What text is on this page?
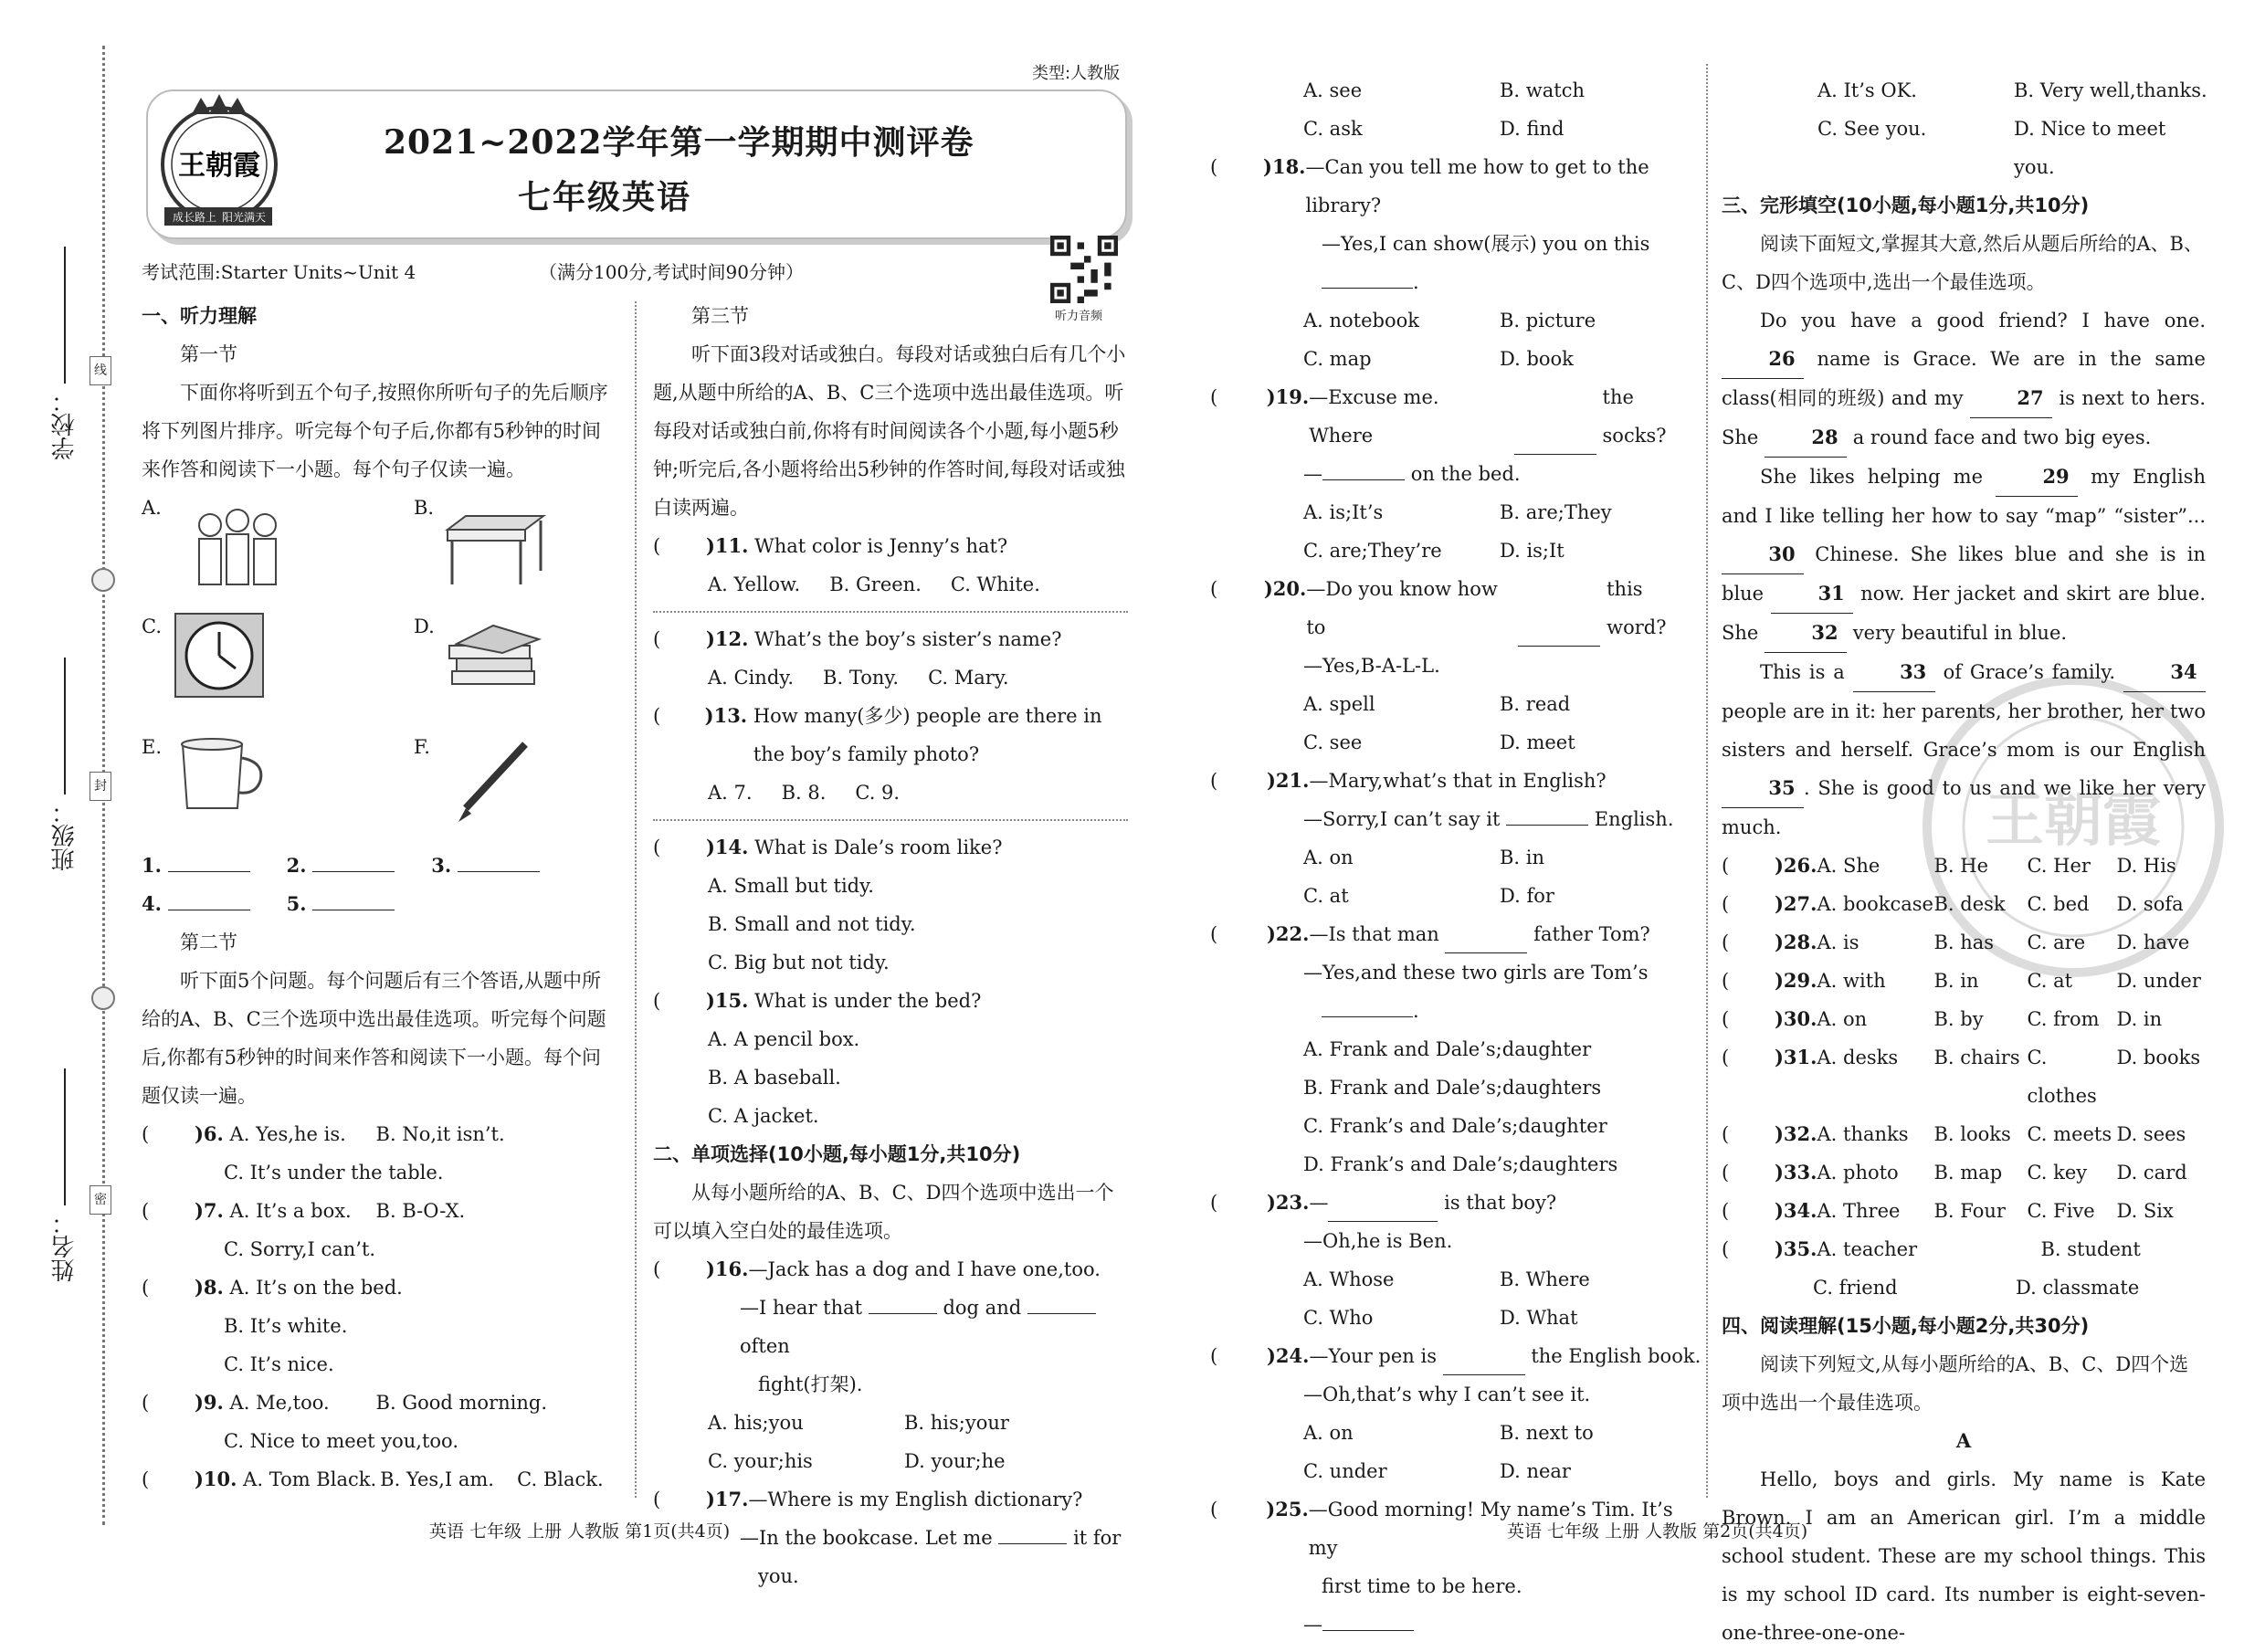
学校：
班级：
姓名：
线
封
密
类型:人教版
王朝霞
成长路上 阳光满天
2021~2022学年第一学期期中测评卷
七年级英语
听力音频
考试范围:Starter Units~Unit 4	（满分100分,考试时间90分钟）

一、听力理解

第一节

下面你将听到五个句子,按照你所听句子的先后顺序将下列图片排序。听完每个句子后,你都有5秒钟的时间来作答和阅读下一小题。每个句子仅读一遍。

A.	B.
C.	D.
E.	F.
1.	2.	3.
4.	5.

第二节

听下面5个问题。每个问题后有三个答语,从题中所给的A、B、C三个选项中选出最佳选项。听完每个问题后,你都有5秒钟的时间来作答和阅读下一小题。每个问题仅读一遍。

(	)6.
A. Yes,he is.	B. No,it isn’t.

C. It’s under the table.

(	)7.
A. It’s a box.	B. B-O-X.

C. Sorry,I can’t.

(	)8.
A. It’s on the bed.

B. It’s white.

C. It’s nice.

(	)9.
A. Me,too.	B. Good morning.

C. Nice to meet you,too.

(	)10.
A. Tom Black. B. Yes,I am.	C. Black.

第三节

听下面3段对话或独白。每段对话或独白后有几个小题,从题中所给的A、B、C三个选项中选出最佳选项。听每段对话或独白前,你将有时间阅读各个小题,每小题5秒钟;听完后,各小题将给出5秒钟的作答时间,每段对话或独白读两遍。

(	)11.
What color is Jenny’s hat?
A. Yellow. B. Green. C. White.
(	)12.
What’s the boy’s sister’s name?
A. Cindy. B. Tony. C. Mary.
(	)13.
How many(多少) people are there in the boy’s family photo?
A. 7. B. 8. C. 9.
(	)14.
What is Dale’s room like?

A. Small but tidy.

B. Small and not tidy.

C. Big but not tidy.

(	)15.
What is under the bed?

A. A pencil box.

B. A baseball.

C. A jacket.

二、单项选择(10小题,每小题1分,共10分)

从每小题所给的A、B、C、D四个选项中选出一个可以填入空白处的最佳选项。

(	)16. —Jack has a dog and I have one,too.

—I hear that	dog and  often

fight(打架).

A. his;you	B. his;your
C. your;his	D. your;he
(	)17. —Where is my English dictionary?

—In the bookcase. Let me	it for

you.

英语 七年级 上册 人教版 第1页(共4页)
A. see	B. watch
C. ask	D. find
(	)18. —Can you tell me how to get to the library?

—Yes,I can show(展示) you on this

.

A. notebook	B. picture
C. map	D. book
(	)19. —Excuse me. Where

the socks?

—	on the bed.

A. is;It’s	B. are;They
C. are;They’re	D. is;It
(	)20. —Do you know how to

this word?

—Yes,B-A-L-L.

A. spell	B. read
C. see	D. meet
(	)21. —Mary,what’s that in English?

—Sorry,I can’t say it	English.

A. on	B. in
C. at	D. for
(	)22. —Is that man

	father Tom?

—Yes,and these two girls are Tom’s

.

A. Frank and Dale’s;daughter

B. Frank and Dale’s;daughters

C. Frank’s and Dale’s;daughter

D. Frank’s and Dale’s;daughters

(	)23. —
	is that boy?

—Oh,he is Ben.

A. Whose	B. Where
C. Who	D. What
(	)24. —Your pen is

	the English book.

—Oh,that’s why I can’t see it.

A. on	B. next to
C. under	D. near
(	)25. —Good morning! My name’s Tim. It’s my

first time to be here.

—

王朝霞
A. It’s OK.	B. Very well,thanks.
C. See you.	D. Nice to meet you.

三、完形填空(10小题,每小题1分,共10分)

阅读下面短文,掌握其大意,然后从题后所给的A、B、C、D四个选项中,选出一个最佳选项。

Do you have a good friend? I have one. 26 name is Grace. We are in the same class(相同的班级) and my	27 is next to hers. She	28 a round face and two big eyes.

She likes helping me	29 my English and I like telling her how to say “map” “sister”... 30 Chinese. She likes blue and she is in blue	31 now. Her jacket and skirt are blue. She	32 very beautiful in blue.

This is a	33 of Grace’s family.	34 people are in it: her parents, her brother, her two sisters and herself. Grace’s mom is our English 35 . She is good to us and we like her very much.

(	)26. A. She	B. He	C. Her	D. His
(	)27. A. bookcase B. desk	C. bed	D. sofa
(	)28. A. is	B. has	C. are	D. have
(	)29. A. with	B. in	C. at	D. under
(	)30. A. on	B. by	C. from D. in
(	)31. A. desks	B. chairs C. clothes
D. books
(	)32. A. thanks	B. looks C. meets D. sees
(	)33. A. photo	B. map	C. key	D. card
(	)34. A. Three	B. Four	C. Five	D. Six
(	)35. A. teacher	B. student
C. friend	D. classmate

四、阅读理解(15小题,每小题2分,共30分)

阅读下列短文,从每小题所给的A、B、C、D四个选项中选出一个最佳选项。

A

Hello, boys and girls. My name is Kate Brown. I am an American girl. I’m a middle school student. These are my school things. This is my school ID card. Its number is eight-seven-one-three-one-one-

英语 七年级 上册 人教版 第2页(共4页)
